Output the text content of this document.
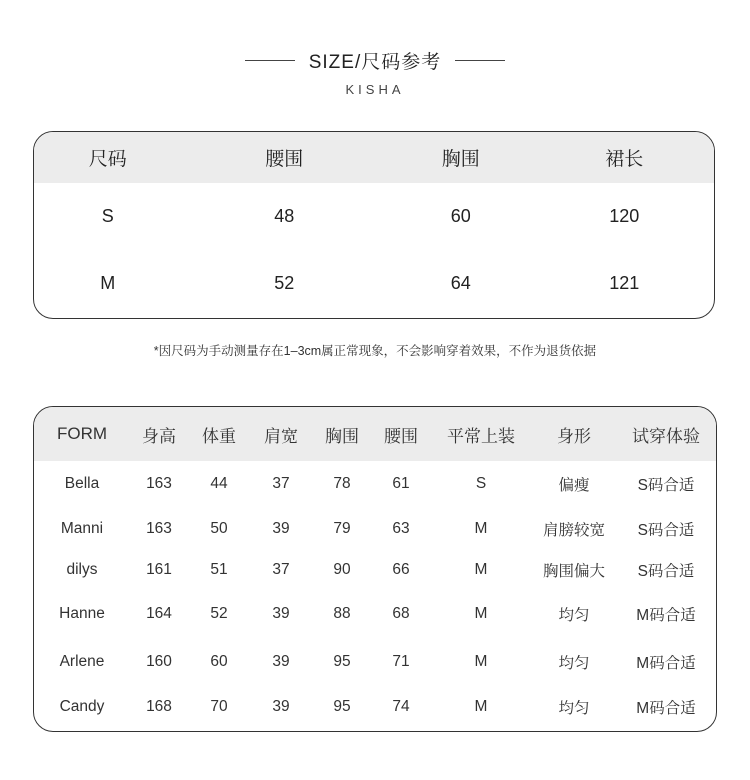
SIZE/尺码参考
KISHA
尺码	腰围	胸围	裙长
S	48	60	120
M	52	64	121
*因尺码为手动测量存在1–3cm属正常现象，不会影响穿着效果，不作为退货依据
FORM	身高	体重	肩宽	胸围	腰围	平常上装	身形	试穿体验
Bella	163	44	37	78	61	S	偏瘦	S码合适
Manni	163	50	39	79	63	M	肩膀较宽	S码合适
dilys	161	51	37	90	66	M	胸围偏大	S码合适
Hanne	164	52	39	88	68	M	均匀	M码合适
Arlene	160	60	39	95	71	M	均匀	M码合适
Candy	168	70	39	95	74	M	均匀	M码合适
